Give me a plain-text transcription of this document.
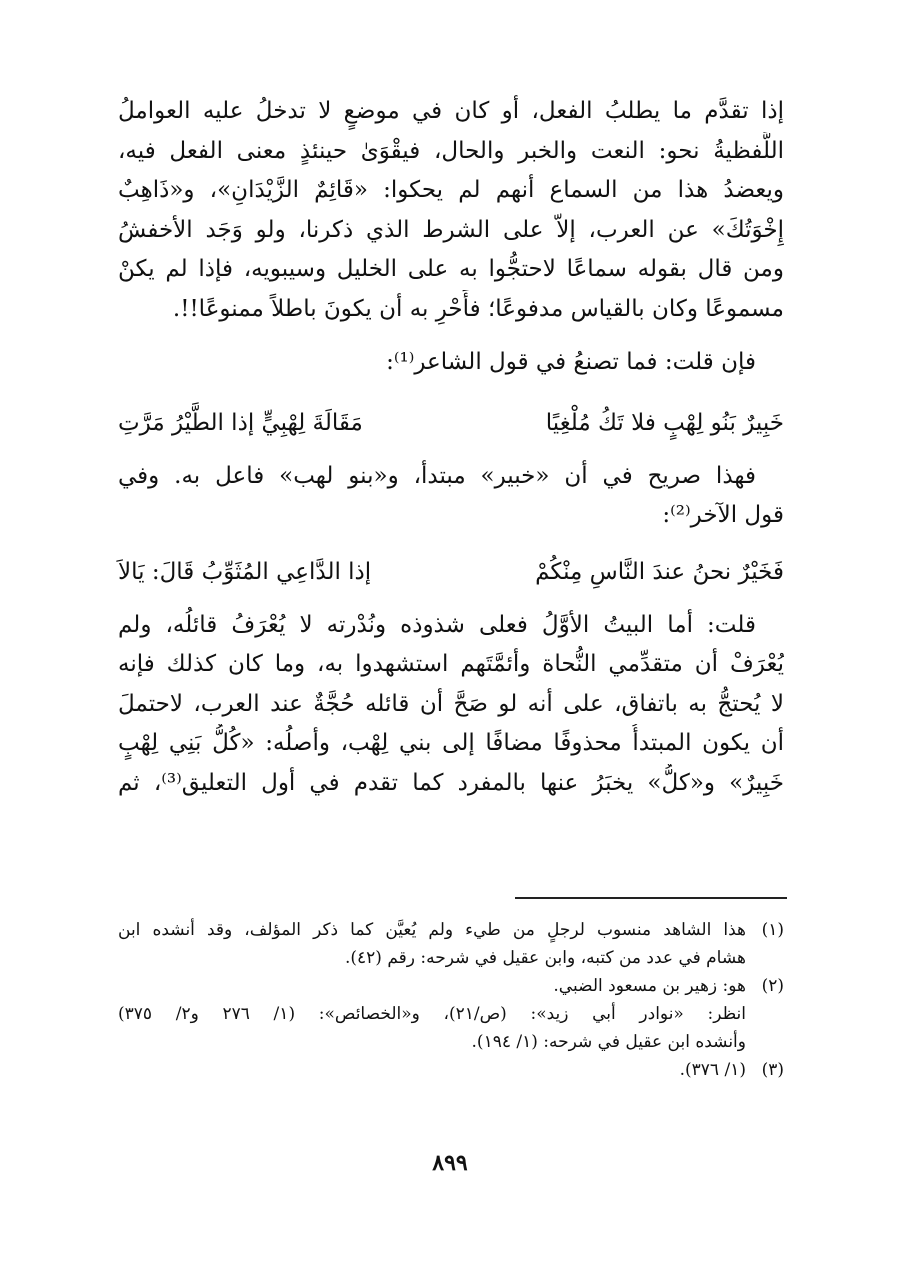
إذا تقدَّم ما يطلبُ الفعل، أو كان في موضعٍ لا تدخلُ عليه العواملُ
اللَّفظيةُ نحو: النعت والخبر والحال، فيقْوَىٰ حينئذٍ معنى الفعل فيه،
ويعضدُ هذا من السماع أنهم لم يحكوا: «قَائِمٌ الزَّيْدَانِ»، و«ذَاهِبٌ
إِخْوَتُكَ» عن العرب، إلاّ على الشرط الذي ذكرنا، ولو وَجَد الأخفشُ
ومن قال بقوله سماعًا لاحتجُّوا به على الخليل وسيبويه، فإذا لم يكنْ
مسموعًا وكان بالقياس مدفوعًا؛ فأَحْرِ به أن يكونَ باطلاً ممنوعًا!!.
فإن قلت: فما تصنعُ في قول الشاعر⁽¹⁾:
خَبِيرٌ بَنُو لِهْبٍ فلا تَكُ مُلْغِيًا
مَقَالَةَ لِهْبِيٍّ إذا الطَّيْرُ مَرَّتِ
فهذا صريح في أن «خبير» مبتدأ، و«بنو لهب» فاعل به. وفي
قول الآخر⁽²⁾:
فَخَيْرٌ نحنُ عندَ النَّاسِ مِنْكُمْ
إذا الدَّاعِي المُثَوِّبُ قَالَ: يَالاَ
قلت: أما البيتُ الأوَّلُ فعلى شذوذه ونُدْرته لا يُعْرَفُ قائلُه، ولم
يُعْرَفْ أن متقدِّمي النُّحاة وأئمَّتَهم استشهدوا به، وما كان كذلك فإنه
لا يُحتجُّ به باتفاق، على أنه لو صَحَّ أن قائله حُجَّةٌ عند العرب، لاحتملَ
أن يكون المبتدأُ محذوفًا مضافًا إلى بني لِهْب، وأصلُه: «كُلُّ بَنِي لِهْبٍ
خَبِيرٌ» و«كلُّ» يخبَرُ عنها بالمفرد كما تقدم في أول التعليق⁽³⁾، ثم
(١)
هذا الشاهد منسوب لرجلٍ من طيء ولم يُعيَّن كما ذكر المؤلف، وقد أنشده ابن
هشام في عدد من كتبه، وابن عقيل في شرحه: رقم (٤٢).
(٢)
هو: زهير بن مسعود الضبي.
انظر: «نوادر أبي زيد»: (ص/٢١)، و«الخصائص»: (١/ ٢٧٦ و٢/ ٣٧٥)
وأنشده ابن عقيل في شرحه: (١/ ١٩٤).
(٣)
(١/ ٣٧٦).
٨٩٩
